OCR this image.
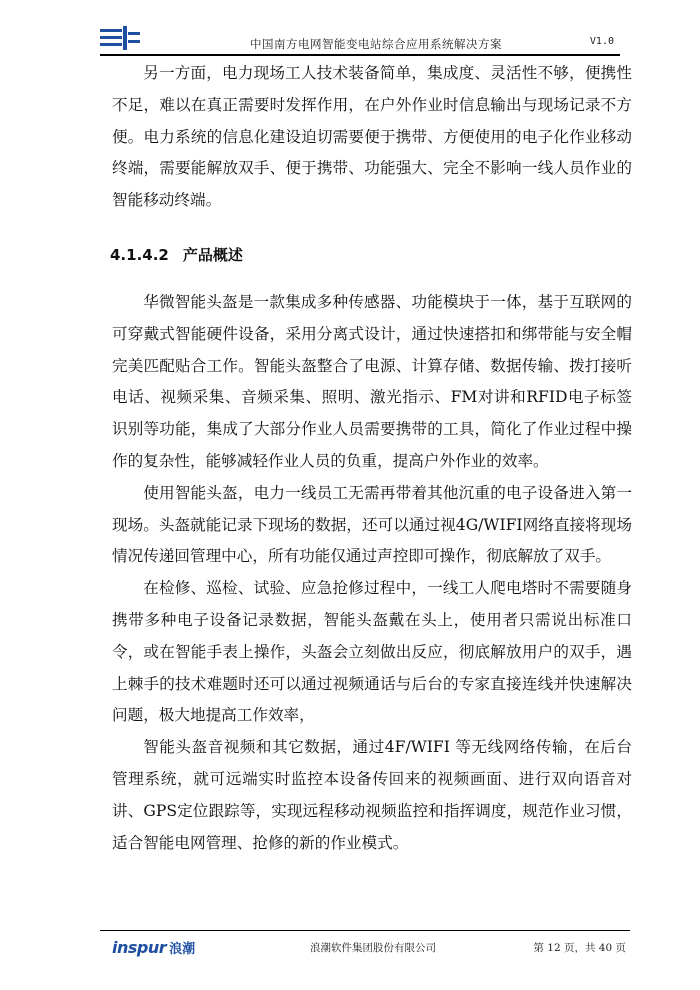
中国南方电网智能变电站综合应用系统解决方案	V1.0

另一方面，电力现场工人技术装备简单，集成度、灵活性不够，便携性不足，难以在真正需要时发挥作用，在户外作业时信息输出与现场记录不方便。电力系统的信息化建设迫切需要便于携带、方便使用的电子化作业移动终端，需要能解放双手、便于携带、功能强大、完全不影响一线人员作业的智能移动终端。

4.1.4.2 产品概述

华微智能头盔是一款集成多种传感器、功能模块于一体，基于互联网的可穿戴式智能硬件设备，采用分离式设计，通过快速搭扣和绑带能与安全帽完美匹配贴合工作。智能头盔整合了电源、计算存储、数据传输、拨打接听电话、视频采集、音频采集、照明、激光指示、FM对讲和RFID电子标签识别等功能，集成了大部分作业人员需要携带的工具，简化了作业过程中操作的复杂性，能够减轻作业人员的负重，提高户外作业的效率。

使用智能头盔，电力一线员工无需再带着其他沉重的电子设备进入第一现场。头盔就能记录下现场的数据，还可以通过视4G/WIFI网络直接将现场情况传递回管理中心，所有功能仅通过声控即可操作，彻底解放了双手。

在检修、巡检、试验、应急抢修过程中，一线工人爬电塔时不需要随身携带多种电子设备记录数据，智能头盔戴在头上，使用者只需说出标准口令，或在智能手表上操作，头盔会立刻做出反应，彻底解放用户的双手，遇上棘手的技术难题时还可以通过视频通话与后台的专家直接连线并快速解决问题，极大地提高工作效率，

智能头盔音视频和其它数据，通过4F/WIFI 等无线网络传输，在后台管理系统，就可远端实时监控本设备传回来的视频画面、进行双向语音对讲、GPS定位跟踪等，实现远程移动视频监控和指挥调度，规范作业习惯，适合智能电网管理、抢修的新的作业模式。

inspur 浪潮	浪潮软件集团股份有限公司	第 12 页，共 40 页
